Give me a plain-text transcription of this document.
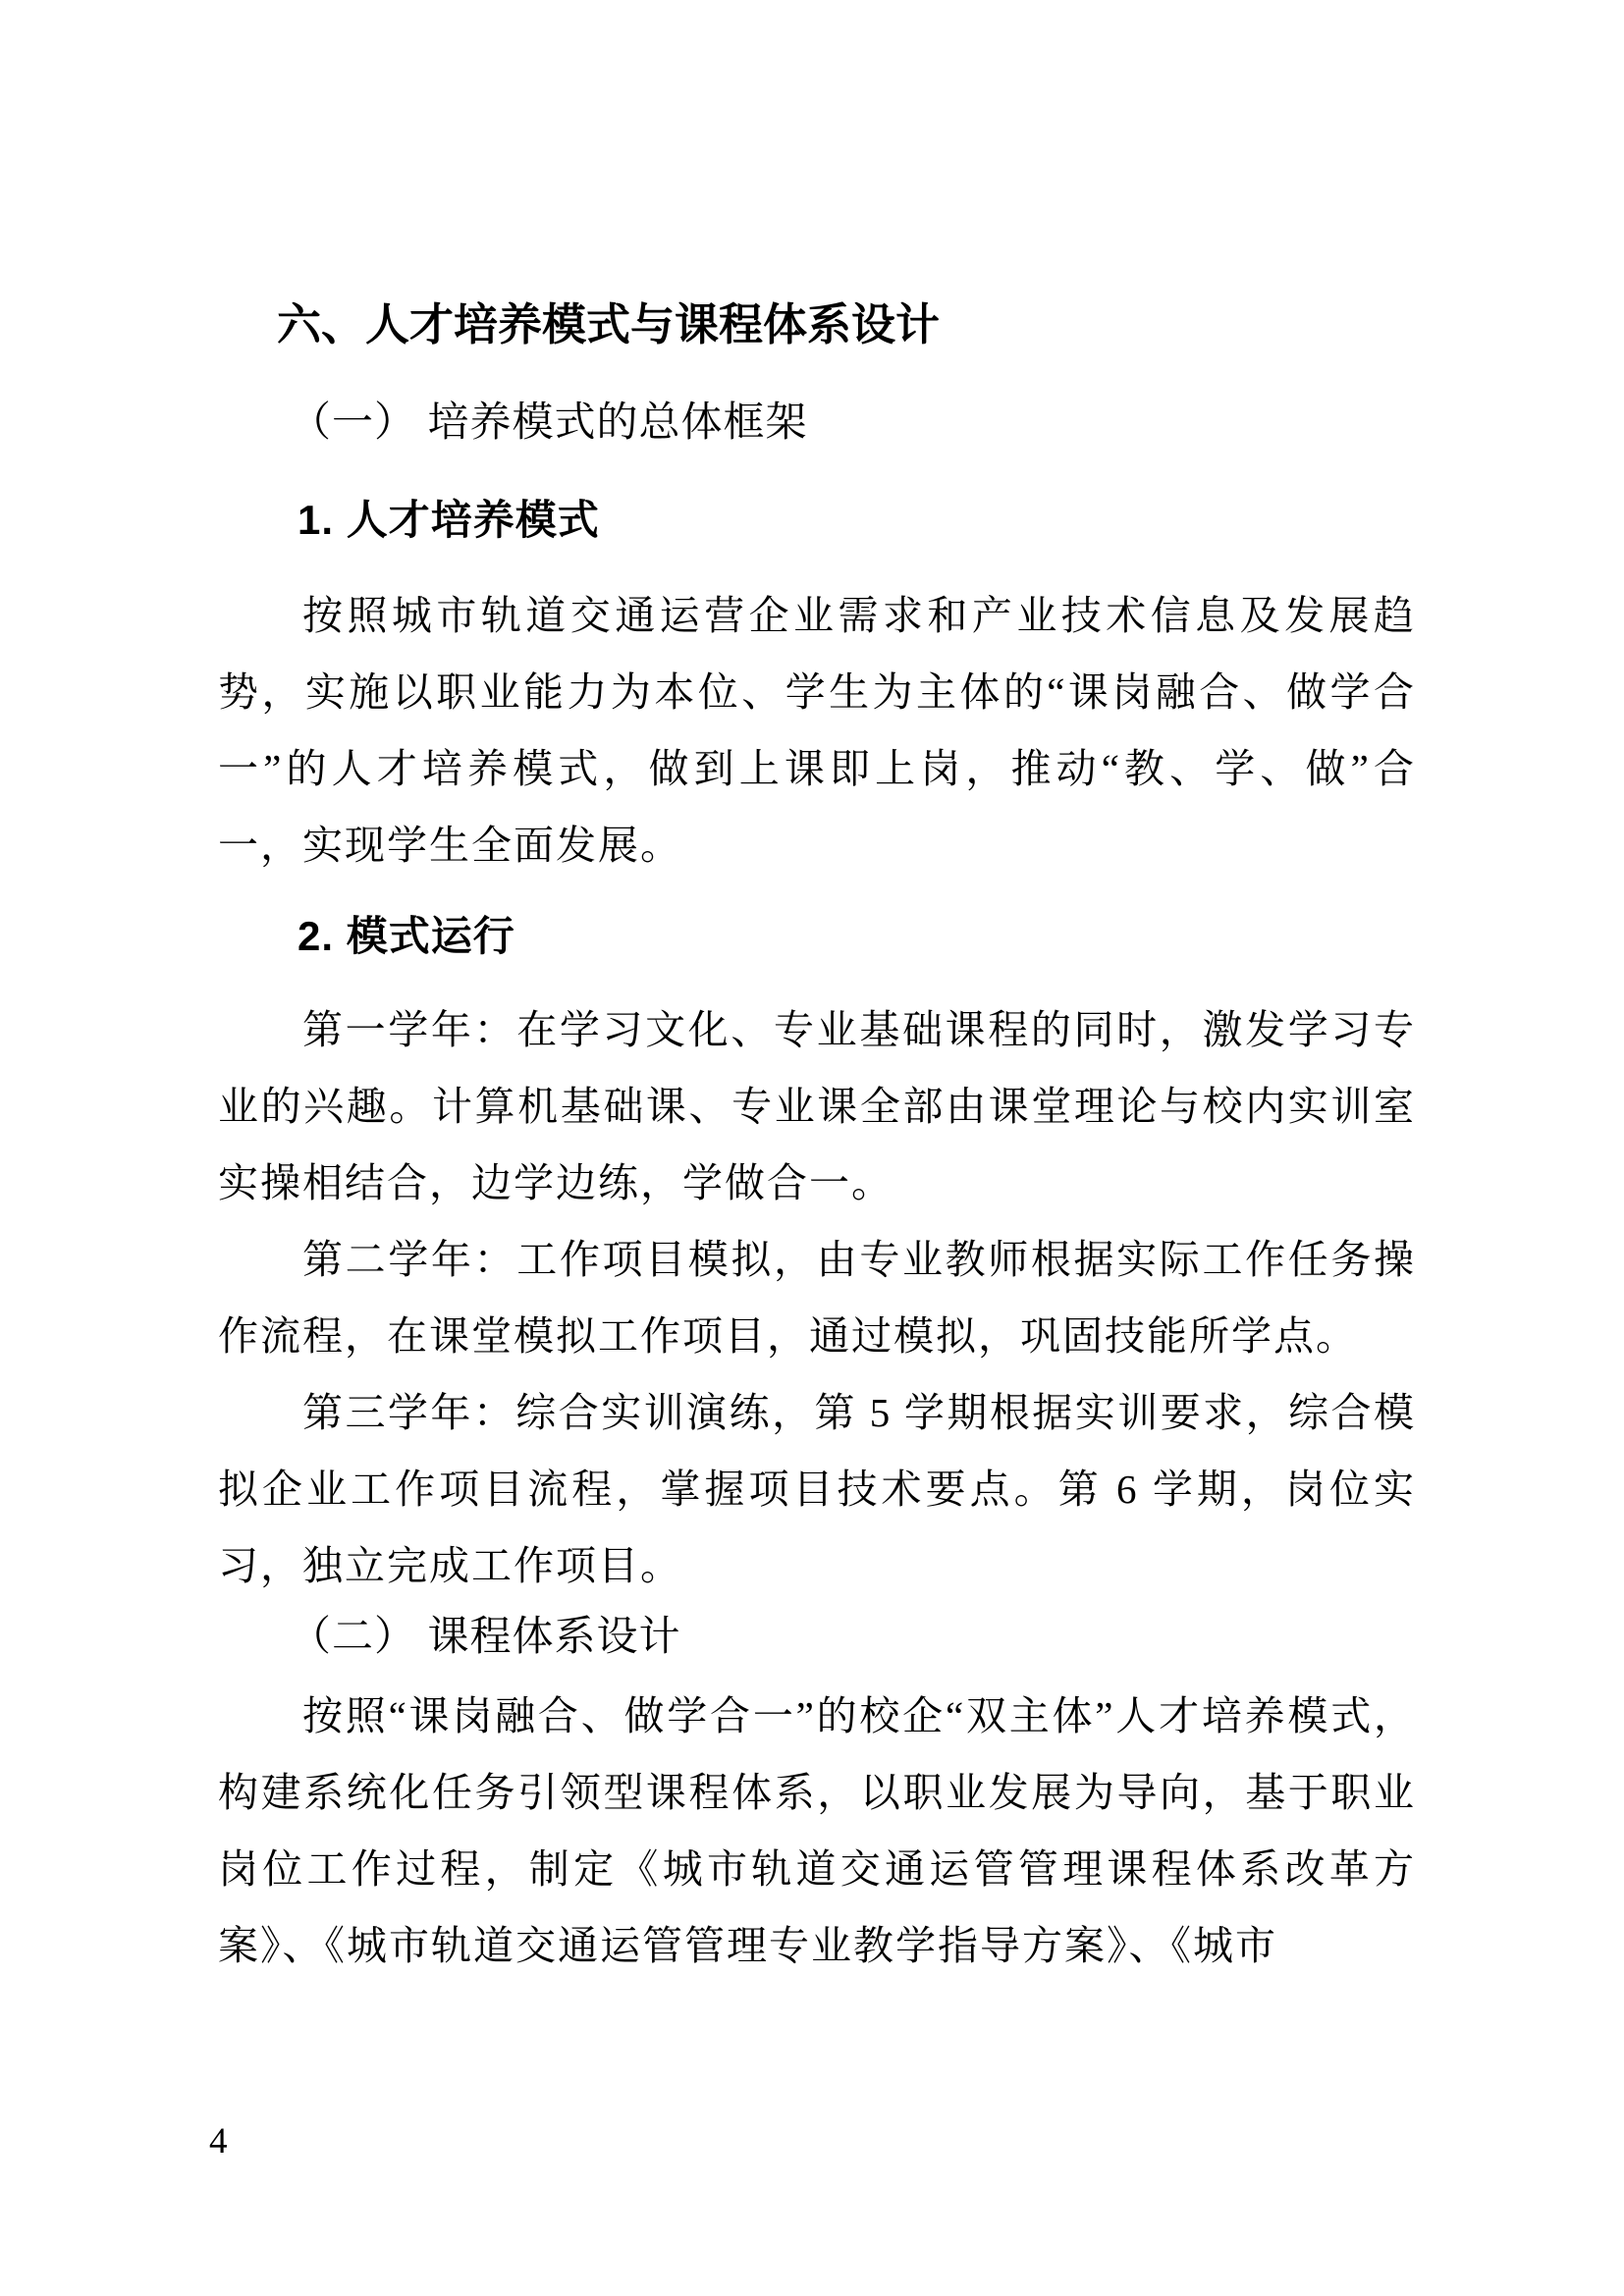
六、人才培养模式与课程体系设计
（一） 培养模式的总体框架
1. 人才培养模式

按照城市轨道交通运营企业需求和产业技术信息及发展趋势，实施以职业能力为本位、学生为主体的“课岗融合、做学合一”的人才培养模式，做到上课即上岗，推动“教、学、做”合一，实现学生全面发展。

2. 模式运行

第一学年：在学习文化、专业基础课程的同时，激发学习专业的兴趣。计算机基础课、专业课全部由课堂理论与校内实训室实操相结合，边学边练，学做合一。

第二学年：工作项目模拟，由专业教师根据实际工作任务操作流程，在课堂模拟工作项目，通过模拟，巩固技能所学点。

第三学年：综合实训演练，第 5 学期根据实训要求，综合模拟企业工作项目流程，掌握项目技术要点。第 6 学期，岗位实习，独立完成工作项目。

（二） 课程体系设计

按照“课岗融合、做学合一”的校企“双主体”人才培养模式，构建系统化任务引领型课程体系，以职业发展为导向，基于职业岗位工作过程，制定《城市轨道交通运管管理课程体系改革方案》、《城市轨道交通运管管理专业教学指导方案》、《城市

4
